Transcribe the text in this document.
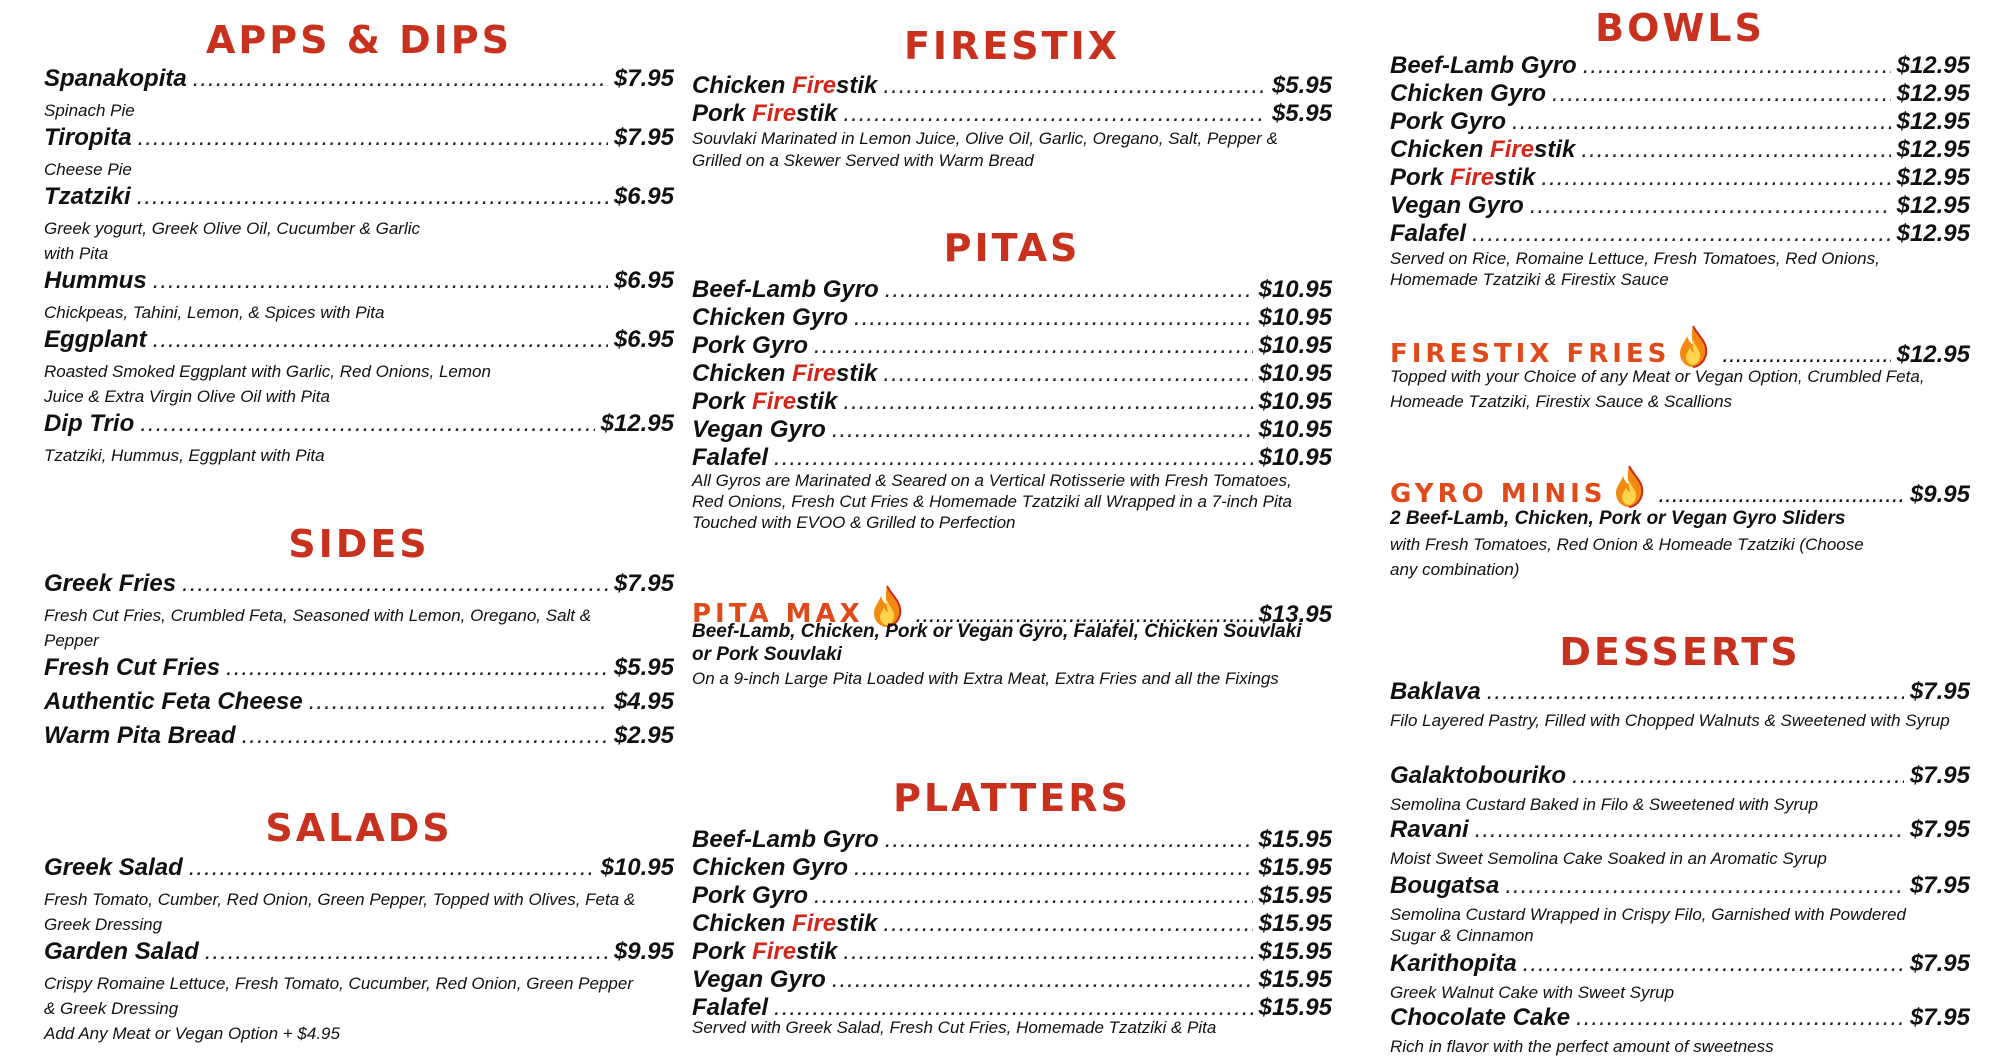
APPS & DIPS
Spanakopita .....	$7.95
Spinach Pie
Tiropita .....	$7.95
Cheese Pie
Tzatziki .....	$6.95
Greek yogurt, Greek Olive Oil, Cucumber & Garlic with Pita
Hummus .....	$6.95
Chickpeas, Tahini, Lemon, & Spices with Pita
Eggplant .....	$6.95
Roasted Smoked Eggplant with Garlic, Red Onions, Lemon Juice & Extra Virgin Olive Oil with Pita
Dip Trio .....	$12.95
Tzatziki, Hummus, Eggplant with Pita
SIDES
Greek Fries .....	$7.95
Fresh Cut Fries, Crumbled Feta, Seasoned with Lemon, Oregano, Salt & Pepper
Fresh Cut Fries .....	$5.95
Authentic Feta Cheese .....	$4.95
Warm Pita Bread .....	$2.95
SALADS
Greek Salad .....	$10.95
Fresh Tomato, Cumber, Red Onion, Green Pepper, Topped with Olives, Feta & Greek Dressing
Garden Salad .....	$9.95
Crispy Romaine Lettuce, Fresh Tomato, Cucumber, Red Onion, Green Pepper & Greek Dressing
Add Any Meat or Vegan Option + $4.95
FIRESTIX
Chicken Firestik .....	$5.95
Pork Firestik .....	$5.95
Souvlaki Marinated in Lemon Juice, Olive Oil, Garlic, Oregano, Salt, Pepper & Grilled on a Skewer Served with Warm Bread
PITAS
Beef-Lamb Gyro .....	$10.95
Chicken Gyro .....	$10.95
Pork Gyro .....	$10.95
Chicken Firestik .....	$10.95
Pork Firestik .....	$10.95
Vegan Gyro .....	$10.95
Falafel .....	$10.95
All Gyros are Marinated & Seared on a Vertical Rotisserie with Fresh Tomatoes, Red Onions, Fresh Cut Fries & Homemade Tzatziki all Wrapped in a 7-inch Pita Touched with EVOO & Grilled to Perfection
PITA MAX .....	$13.95
Beef-Lamb, Chicken, Pork or Vegan Gyro, Falafel, Chicken Souvlaki or Pork Souvlaki
On a 9-inch Large Pita Loaded with Extra Meat, Extra Fries and all the Fixings
PLATTERS
Beef-Lamb Gyro .....	$15.95
Chicken Gyro .....	$15.95
Pork Gyro .....	$15.95
Chicken Firestik .....	$15.95
Pork Firestik .....	$15.95
Vegan Gyro .....	$15.95
Falafel .....	$15.95
Served with Greek Salad, Fresh Cut Fries, Homemade Tzatziki & Pita
BOWLS
Beef-Lamb Gyro .....	$12.95
Chicken Gyro .....	$12.95
Pork Gyro .....	$12.95
Chicken Firestik .....	$12.95
Pork Firestik .....	$12.95
Vegan Gyro .....	$12.95
Falafel .....	$12.95
Served on Rice, Romaine Lettuce, Fresh Tomatoes, Red Onions, Homemade Tzatziki & Firestix Sauce
FIRESTIX FRIES .....	$12.95
Topped with your Choice of any Meat or Vegan Option, Crumbled Feta, Homeade Tzatziki, Firestix Sauce & Scallions
GYRO MINIS .....	$9.95
2 Beef-Lamb, Chicken, Pork or Vegan Gyro Sliders
with Fresh Tomatoes, Red Onion & Homeade Tzatziki (Choose any combination)
DESSERTS
Baklava .....	$7.95
Filo Layered Pastry, Filled with Chopped Walnuts & Sweetened with Syrup
Galaktobouriko .....	$7.95
Semolina Custard Baked in Filo & Sweetened with Syrup
Ravani .....	$7.95
Moist Sweet Semolina Cake Soaked in an Aromatic Syrup
Bougatsa .....	$7.95
Semolina Custard Wrapped in Crispy Filo, Garnished with Powdered Sugar & Cinnamon
Karithopita .....	$7.95
Greek Walnut Cake with Sweet Syrup
Chocolate Cake .....	$7.95
Rich in flavor with the perfect amount of sweetness
